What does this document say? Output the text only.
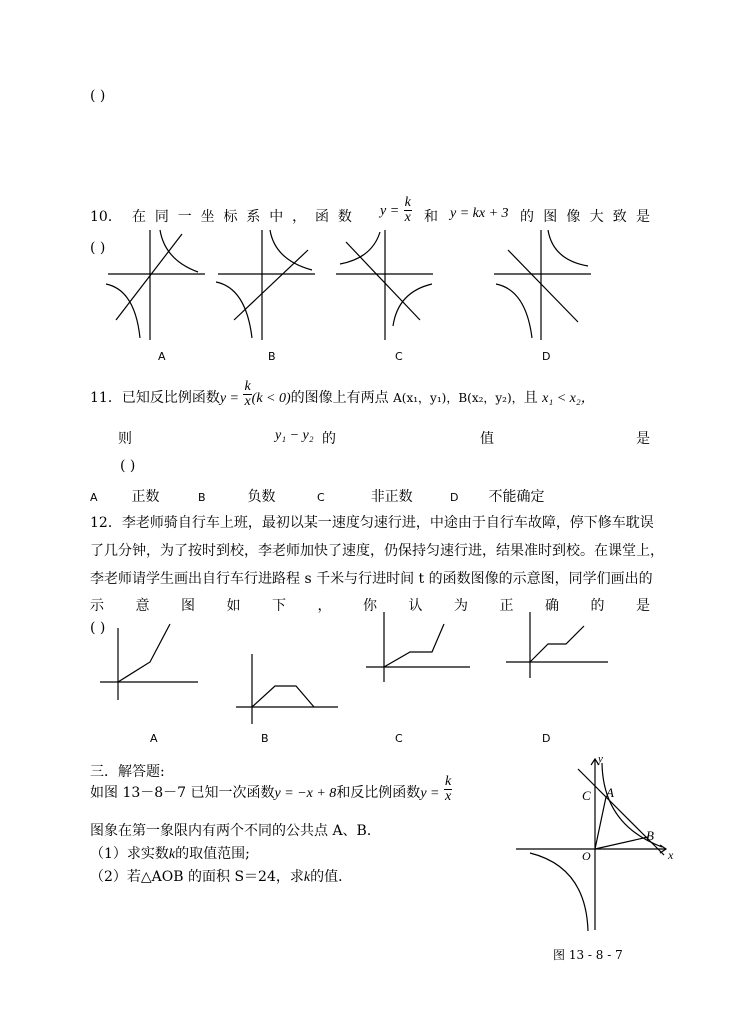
( )
10． 在 同 一 坐 标 系 中 ， 函 数 $y = \frac{k}{x}$ 和 y = kx + 3 的 图 像 大 致 是
( )
A	B	C	D
11．已知反比例函数$y = \frac{k}{x} (k < 0)$的图像上有两点 A(x₁，y₁)，B(x₂，y₂)，且 x₁ < x₂，
则	y₁ − y₂ 的	值	是
( )
A 正数	B	负数	C	非正数	D 不能确定
12．李老师骑自行车上班，最初以某一速度匀速行进，中途由于自行车故障，停下修车耽误
了几分钟，为了按时到校，李老师加快了速度，仍保持匀速行进，结果准时到校。在课堂上，
李老师请学生画出自行车行进路程 s 千米与行进时间 t 的函数图像的示意图，同学们画出的
示 意 图 如 下 ， 你 认 为 正 确 的 是
( )
A	B	C	D
三．解答题:
如图 13－8－7 已知一次函数y = −x + 8和反比例函数$y = \frac{k}{x}$
图象在第一象限内有两个不同的公共点 A、B．
（1）求实数k的取值范围;
（2）若△AOB 的面积 S＝24，求k的值．
C A
B
O	x
y
图 13 - 8 - 7
